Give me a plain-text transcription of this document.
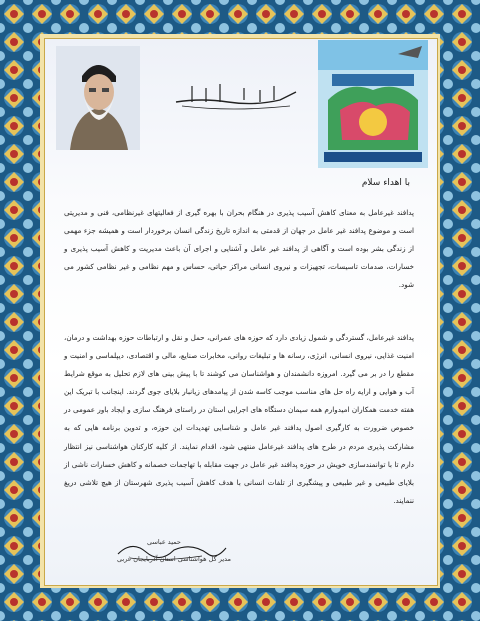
بسم الله الرحمن الرحيم
با اهداء سلام
پدافند غیرعامل به معنای کاهش آسیب پذیری در هنگام بحران با بهره گیری از فعالیتهای غیرنظامی، فنی و مدیریتی است و موضوع پدافند غیر عامل در جهان از قدمتی به اندازه تاریخ زندگی انسان برخوردار است و همیشه جزء مهمی از زندگی بشر بوده است و آگاهی از پدافند غیر عامل و آشنایی و اجرای آن باعث مدیریت و کاهش آسیب پذیری و خسارات، صدمات تاسیسات، تجهیزات و نیروی انسانی مراکز حیاتی، حساس و مهم نظامی و غیر نظامی کشور می شود.
پدافند غیرعامل، گستردگی و شمول زیادی دارد که حوزه های عمرانی، حمل و نقل و ارتباطات حوزه بهداشت و درمان، امنیت غذایی، نیروی انسانی، انرژی، رسانه ها و تبلیغات روانی، مخابرات صنایع، مالی و اقتصادی، دیپلماسی و امنیت و مقطع را در بر می گیرد. امروزه دانشمندان و هواشناسان می کوشند تا با پیش بینی های لازم تحلیل به موقع شرایط آب و هوایی و ارایه راه حل های مناسب موجب کاسه شدن از پیامدهای زیانبار بلایای جوی گردند. اینجانب با تبریک این هفته خدمت همکاران امیدوارم همه سیمان دستگاه های اجرایی استان در راستای فرهنگ سازی و ایجاد باور عمومی در خصوص ضرورت به کارگیری اصول پدافند غیر عامل و شناسایی تهدیدات این حوزه، و تدوین برنامه هایی که به مشارکت پذیری مردم در طرح های پدافند غیرعامل منتهی شود، اقدام نمایند. از کلیه کارکنان هواشناسی نیز انتظار دارم تا با توانمندسازی خویش در حوزه پدافند غیر عامل در جهت مقابله با تهاجمات خصمانه و کاهش خسارات ناشی از بلایای طبیعی و غیر طبیعی و پیشگیری از تلفات انسانی با هدف کاهش آسیب پذیری شهرستان از هیچ تلاشی دریغ ننمایند.
حمید عباسی
مدیر کل هواشناسی استان آذربایجان غربی
